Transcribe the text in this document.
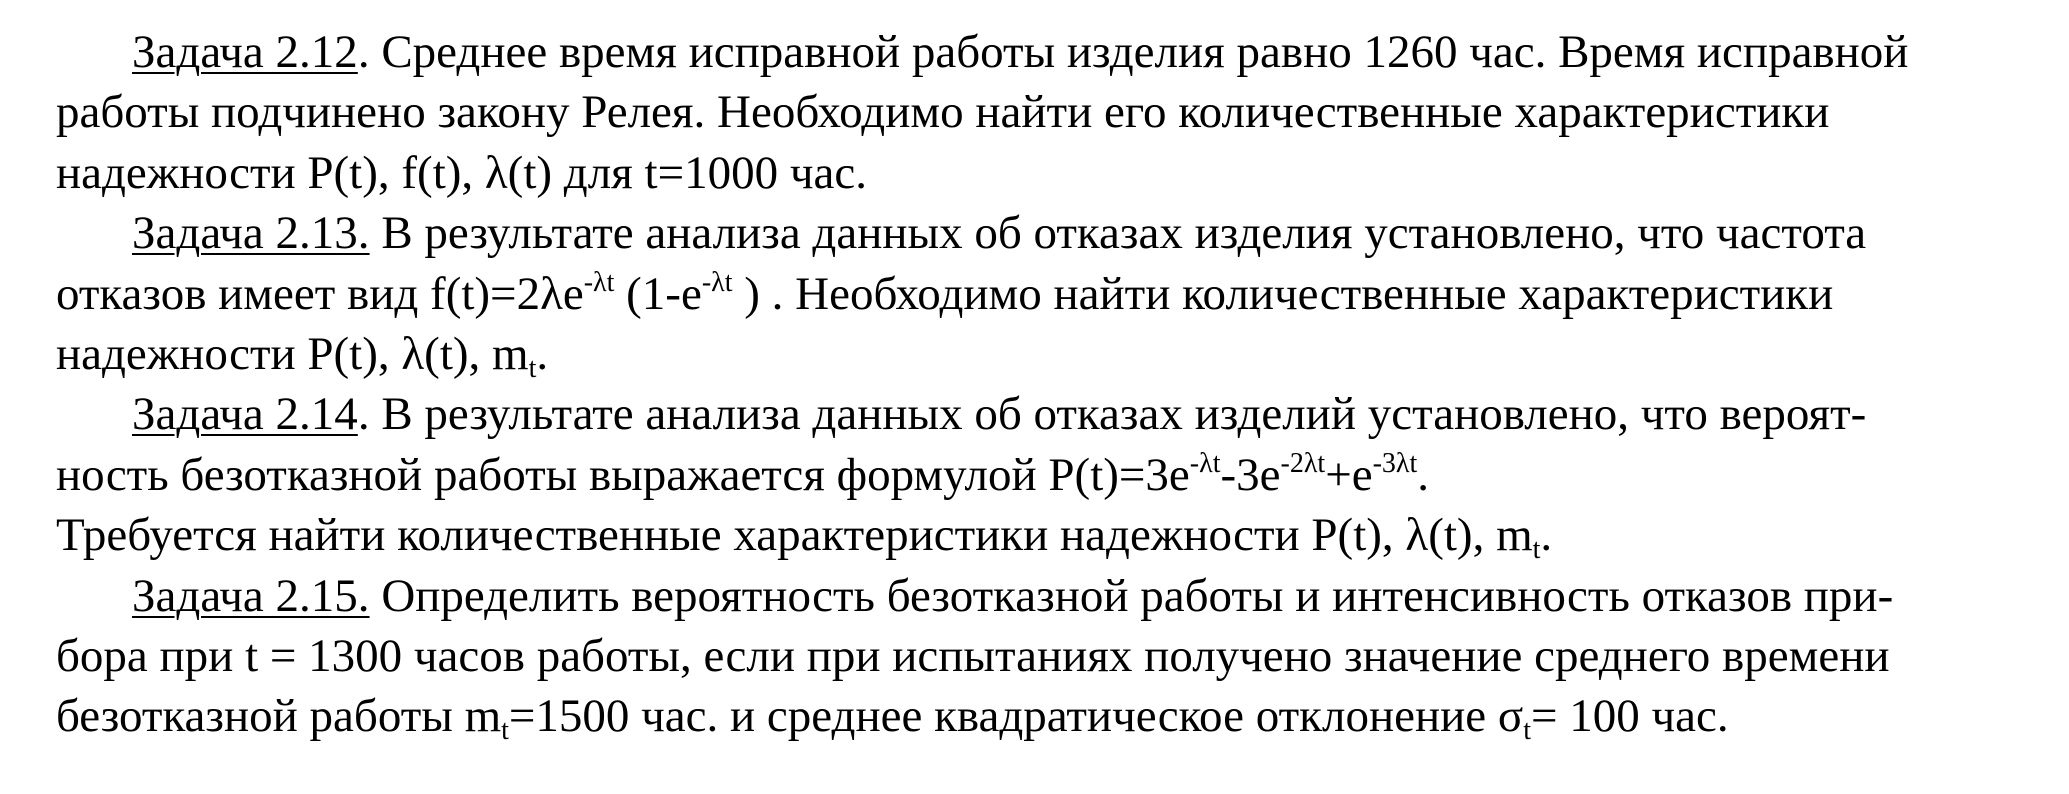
Задача 2.12. Среднее время исправной работы изделия равно 1260 час. Время исправной
работы подчинено закону Релея. Необходимо найти его количественные характеристики
надежности P(t), f(t), λ(t) для t=1000 час.
Задача 2.13. В результате анализа данных об отказах изделия установлено, что частота
отказов имеет вид $f(t)=2\lambda e^{-\lambda t}$ ($1-e^{-\lambda t}$ ) . Необходимо найти количественные характеристики
надежности P(t), λ(t), $m_t$.
Задача 2.14. В результате анализа данных об отказах изделий установлено, что вероят-
ность безотказной работы выражается формулой $P(t)=3e^{-\lambda t}-3e^{-2\lambda t}+e^{-3\lambda t}$.
Требуется найти количественные характеристики надежности P(t), λ(t), $m_t$.
Задача 2.15. Определить вероятность безотказной работы и интенсивность отказов при-
бора при t = 1300 часов работы, если при испытаниях получено значение среднего времени
безотказной работы $m_t=1500$ час. и среднее квадратическое отклонение $\sigma_t= 100$ час.
